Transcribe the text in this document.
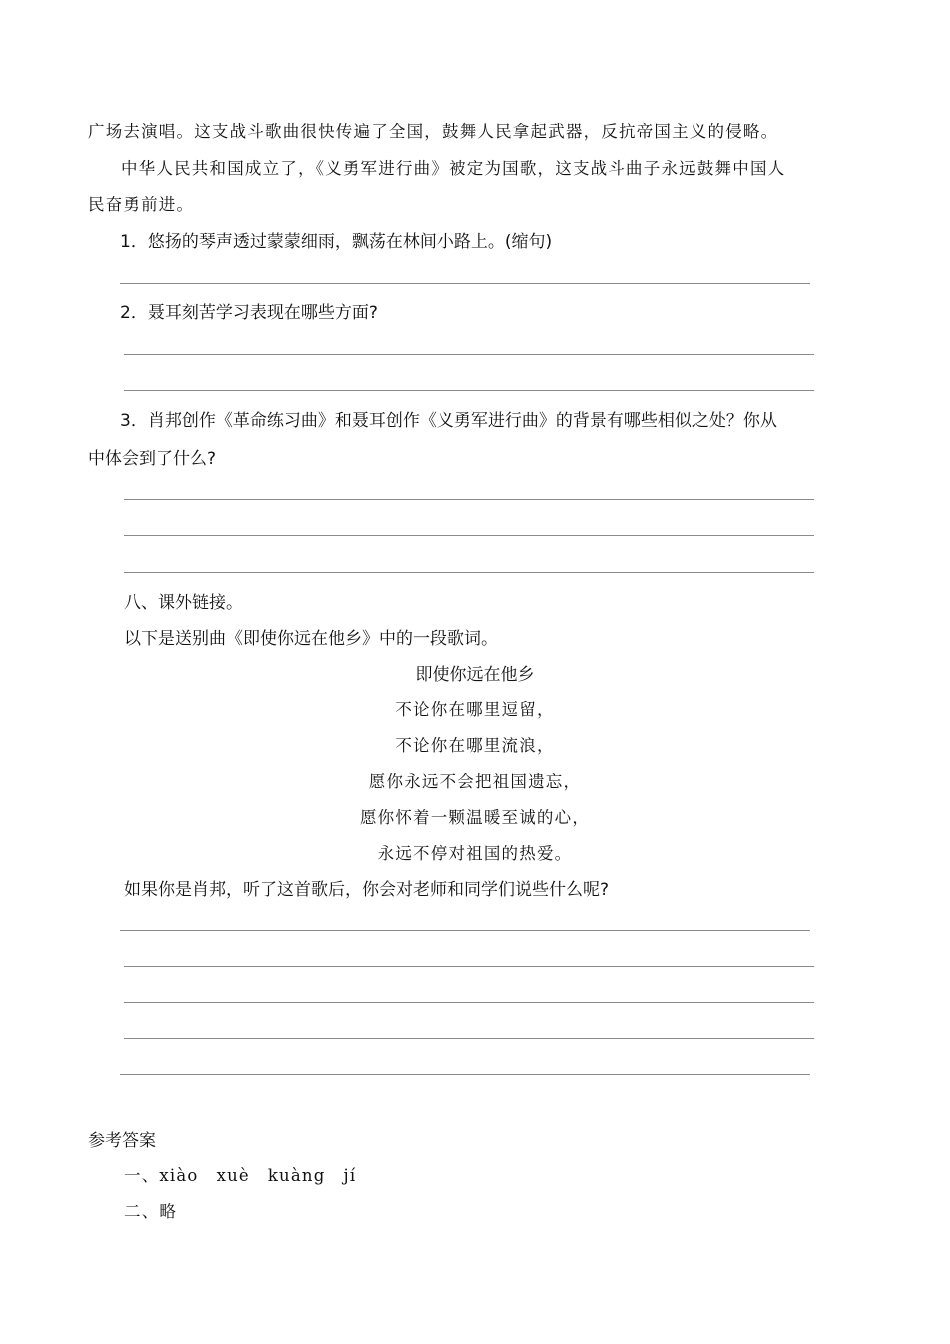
广场去演唱。这支战斗歌曲很快传遍了全国，鼓舞人民拿起武器，反抗帝国主义的侵略。
中华人民共和国成立了，《义勇军进行曲》被定为国歌，这支战斗曲子永远鼓舞中国人
民奋勇前进。
1．悠扬的琴声透过蒙蒙细雨，飘荡在林间小路上。(缩句)
2．聂耳刻苦学习表现在哪些方面?
3．肖邦创作《革命练习曲》和聂耳创作《义勇军进行曲》的背景有哪些相似之处？你从
中体会到了什么?
八、课外链接。
以下是送别曲《即使你远在他乡》中的一段歌词。
即使你远在他乡
不论你在哪里逗留，
不论你在哪里流浪，
愿你永远不会把祖国遗忘，
愿你怀着一颗温暖至诚的心，
永远不停对祖国的热爱。
如果你是肖邦，听了这首歌后，你会对老师和同学们说些什么呢?
参考答案
一、xiào xuè kuàng jí
二、略
